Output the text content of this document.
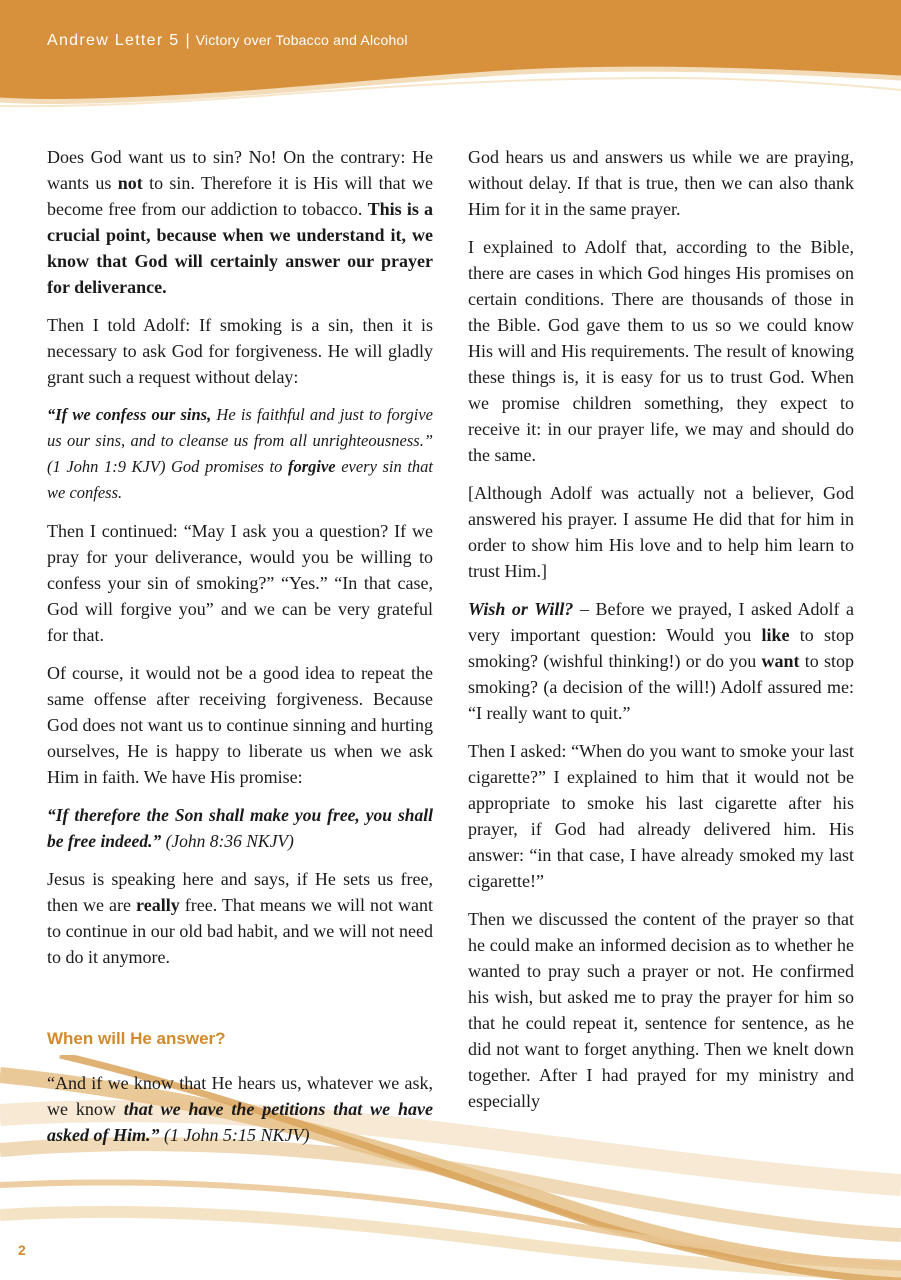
Andrew Letter 5 | Victory over Tobacco and Alcohol

Does God want us to sin? No! On the contrary: He wants us not to sin. Therefore it is His will that we become free from our addiction to tobacco. This is a crucial point, because when we understand it, we know that God will certainly answer our prayer for deliverance.

Then I told Adolf: If smoking is a sin, then it is necessary to ask God for forgiveness. He will gladly grant such a request without delay:

“If we confess our sins, He is faithful and just to forgive us our sins, and to cleanse us from all unrighteousness.” (1 John 1:9 KJV) God promises to forgive every sin that we confess.

Then I continued: “May I ask you a question? If we pray for your deliverance, would you be willing to confess your sin of smoking?” “Yes.” “In that case, God will forgive you” and we can be very grateful for that.

Of course, it would not be a good idea to repeat the same offense after receiving forgiveness. Because God does not want us to continue sinning and hurting ourselves, He is happy to liberate us when we ask Him in faith. We have His promise:

“If therefore the Son shall make you free, you shall be free indeed.” (John 8:36 NKJV)

Jesus is speaking here and says, if He sets us free, then we are really free. That means we will not want to continue in our old bad habit, and we will not need to do it anymore.

When will He answer?

“And if we know that He hears us, whatever we ask, we know that we have the petitions that we have asked of Him.” (1 John 5:15 NKJV)

God hears us and answers us while we are praying, without delay. If that is true, then we can also thank Him for it in the same prayer.

I explained to Adolf that, according to the Bible, there are cases in which God hinges His promises on certain conditions. There are thousands of those in the Bible. God gave them to us so we could know His will and His requirements. The result of knowing these things is, it is easy for us to trust God. When we promise children something, they expect to receive it: in our prayer life, we may and should do the same.

[Although Adolf was actually not a believer, God answered his prayer. I assume He did that for him in order to show him His love and to help him learn to trust Him.]

Wish or Will? – Before we prayed, I asked Adolf a very important question: Would you like to stop smoking? (wishful thinking!) or do you want to stop smoking? (a decision of the will!) Adolf assured me: “I really want to quit.”

Then I asked: “When do you want to smoke your last cigarette?” I explained to him that it would not be appropriate to smoke his last cigarette after his prayer, if God had already delivered him. His answer: “in that case, I have already smoked my last cigarette!”

Then we discussed the content of the prayer so that he could make an informed decision as to whether he wanted to pray such a prayer or not. He confirmed his wish, but asked me to pray the prayer for him so that he could repeat it, sentence for sentence, as he did not want to forget anything. Then we knelt down together. After I had prayed for my ministry and especially

2
